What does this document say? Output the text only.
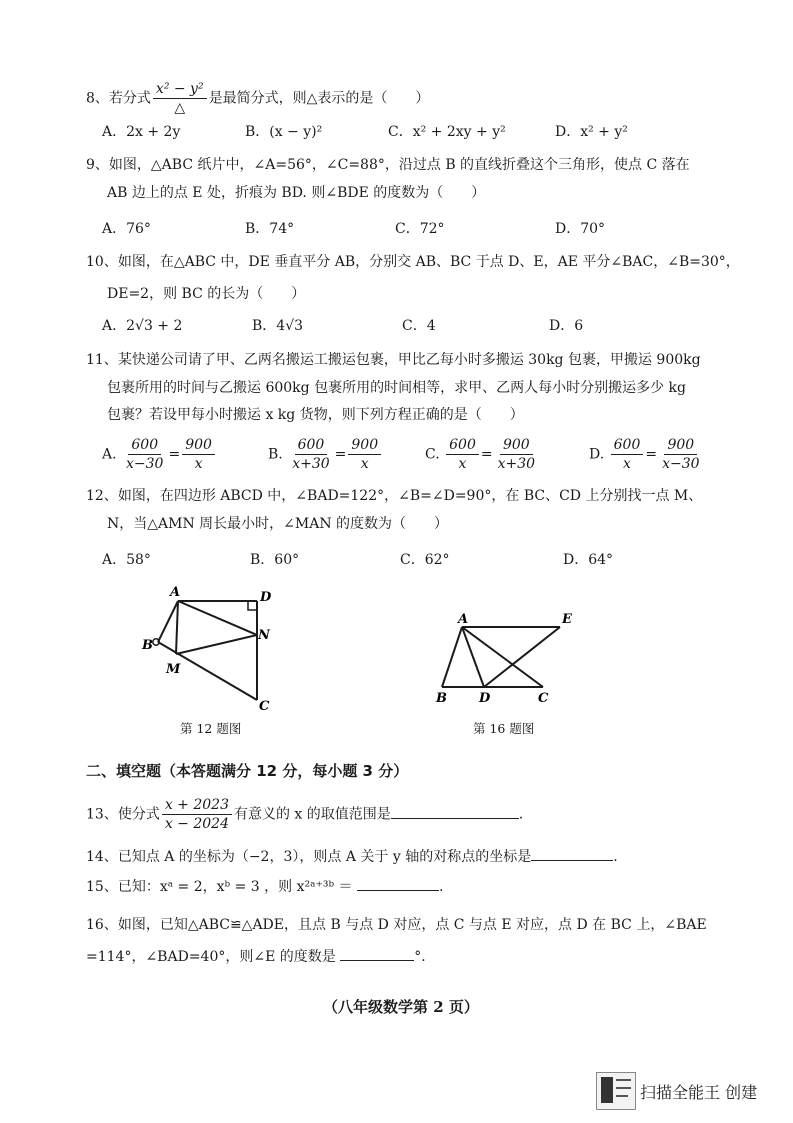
8、若分式 $\frac{\text{x² − y²}}{\triangle}$ 是最简分式，则△表示的是（　　）
A．2x + 2y	B．(x − y)²	C．x² + 2xy + y²	D．x² + y²
9、如图，△ABC 纸片中，∠A=56°，∠C=88°，沿过点 B 的直线折叠这个三角形，使点 C 落在
AB 边上的点 E 处，折痕为 BD. 则∠BDE 的度数为（　　）
A．76°	B．74°	C．72°	D．70°
10、如图，在△ABC 中，DE 垂直平分 AB，分别交 AB、BC 于点 D、E，AE 平分∠BAC，∠B=30°，
DE=2，则 BC 的长为（　　）
A．2√3 + 2	B．4√3	C．4	D．6
11、某快递公司请了甲、乙两名搬运工搬运包裹，甲比乙每小时多搬运 30kg 包裹，甲搬运 900kg
包裹所用的时间与乙搬运 600kg 包裹所用的时间相等，求甲、乙两人每小时分别搬运多少 kg
包裹？若设甲每小时搬运 x kg 货物，则下列方程正确的是（　　）
A. $\frac{600}{x-30} = \frac{900}{x}$	B. $\frac{600}{x+30} = \frac{900}{x}$	C. $\frac{600}{x} = \frac{900}{x+30}$	D. $\frac{600}{x} = \frac{900}{x-30}$
12、如图，在四边形 ABCD 中，∠BAD=122°，∠B=∠D=90°，在 BC、CD 上分别找一点 M、
N，当△AMN 周长最小时，∠MAN 的度数为（　　）
A．58°	B．60°	C．62°	D．64°
A	D
B
N
M
C
第 12 题图
A	E
B D	C
第 16 题图
二、填空题（本答题满分 12 分，每小题 3 分）
13、使分式 $\frac{x + 2023}{x - 2024}$ 有意义的 x 的取值范围是	.
14、已知点 A 的坐标为（−2，3），则点 A 关于 y 轴的对称点的坐标是	.
15、已知：xᵃ = 2，xᵇ = 3 ，则 x²ᵃ⁺³ᵇ ＝	.
16、如图，已知△ABC≌△ADE，且点 B 与点 D 对应，点 C 与点 E 对应，点 D 在 BC 上，∠BAE
=114°，∠BAD=40°，则∠E 的度数是	°．
（八年级数学第 2 页）
扫描全能王 创建
